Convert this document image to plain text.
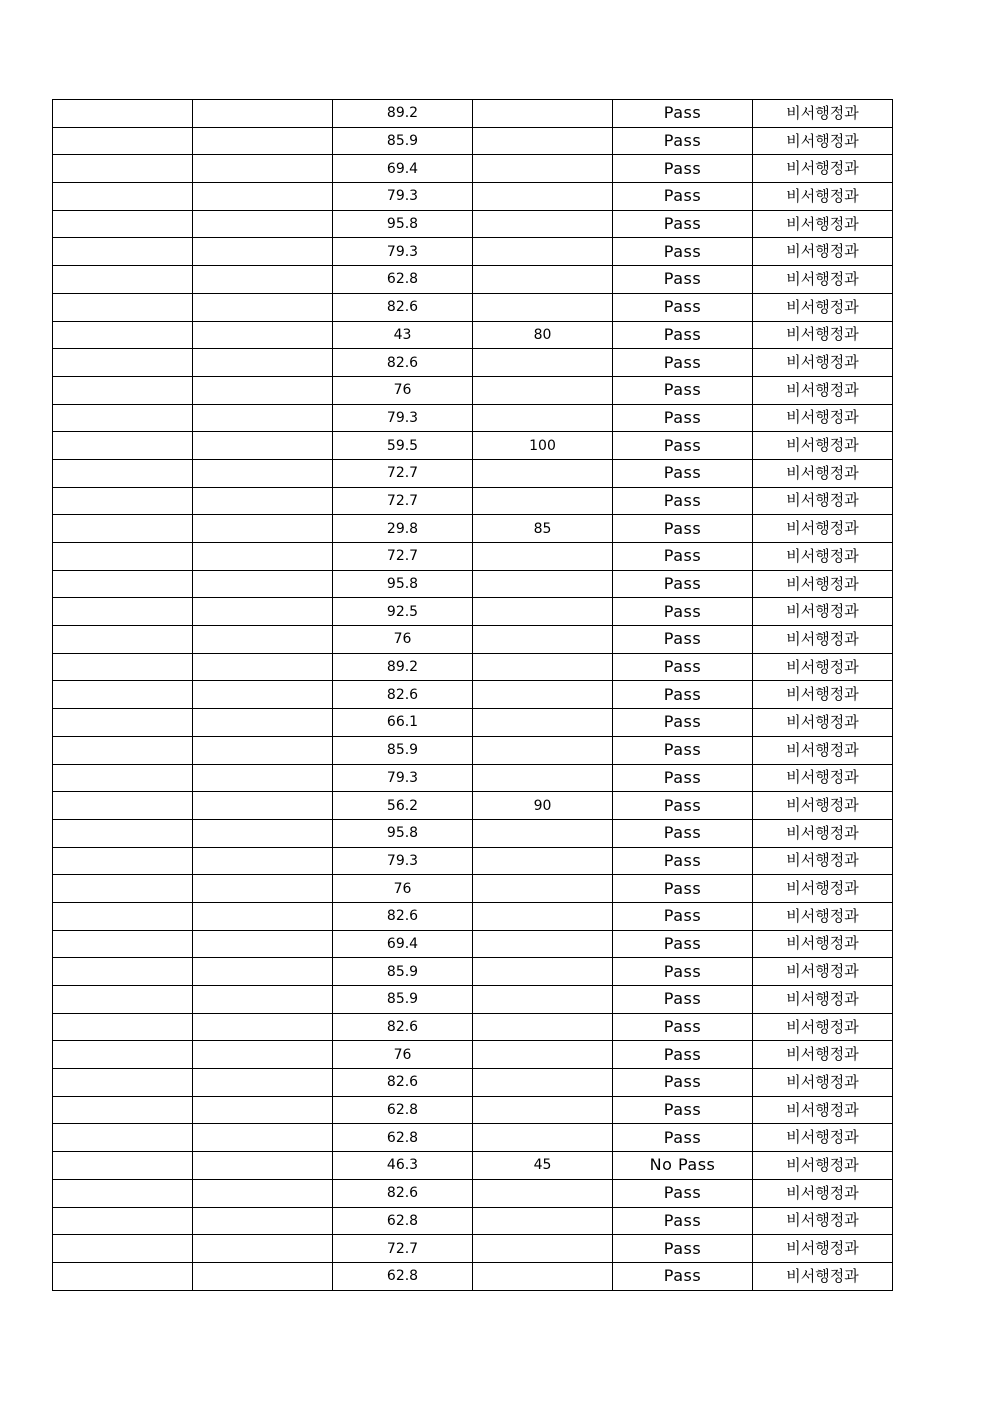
		89.2		Pass	비서행정과
		85.9		Pass	비서행정과
		69.4		Pass	비서행정과
		79.3		Pass	비서행정과
		95.8		Pass	비서행정과
		79.3		Pass	비서행정과
		62.8		Pass	비서행정과
		82.6		Pass	비서행정과
		43	80	Pass	비서행정과
		82.6		Pass	비서행정과
		76		Pass	비서행정과
		79.3		Pass	비서행정과
		59.5	100	Pass	비서행정과
		72.7		Pass	비서행정과
		72.7		Pass	비서행정과
		29.8	85	Pass	비서행정과
		72.7		Pass	비서행정과
		95.8		Pass	비서행정과
		92.5		Pass	비서행정과
		76		Pass	비서행정과
		89.2		Pass	비서행정과
		82.6		Pass	비서행정과
		66.1		Pass	비서행정과
		85.9		Pass	비서행정과
		79.3		Pass	비서행정과
		56.2	90	Pass	비서행정과
		95.8		Pass	비서행정과
		79.3		Pass	비서행정과
		76		Pass	비서행정과
		82.6		Pass	비서행정과
		69.4		Pass	비서행정과
		85.9		Pass	비서행정과
		85.9		Pass	비서행정과
		82.6		Pass	비서행정과
		76		Pass	비서행정과
		82.6		Pass	비서행정과
		62.8		Pass	비서행정과
		62.8		Pass	비서행정과
		46.3	45	No Pass	비서행정과
		82.6		Pass	비서행정과
		62.8		Pass	비서행정과
		72.7		Pass	비서행정과
		62.8		Pass	비서행정과
